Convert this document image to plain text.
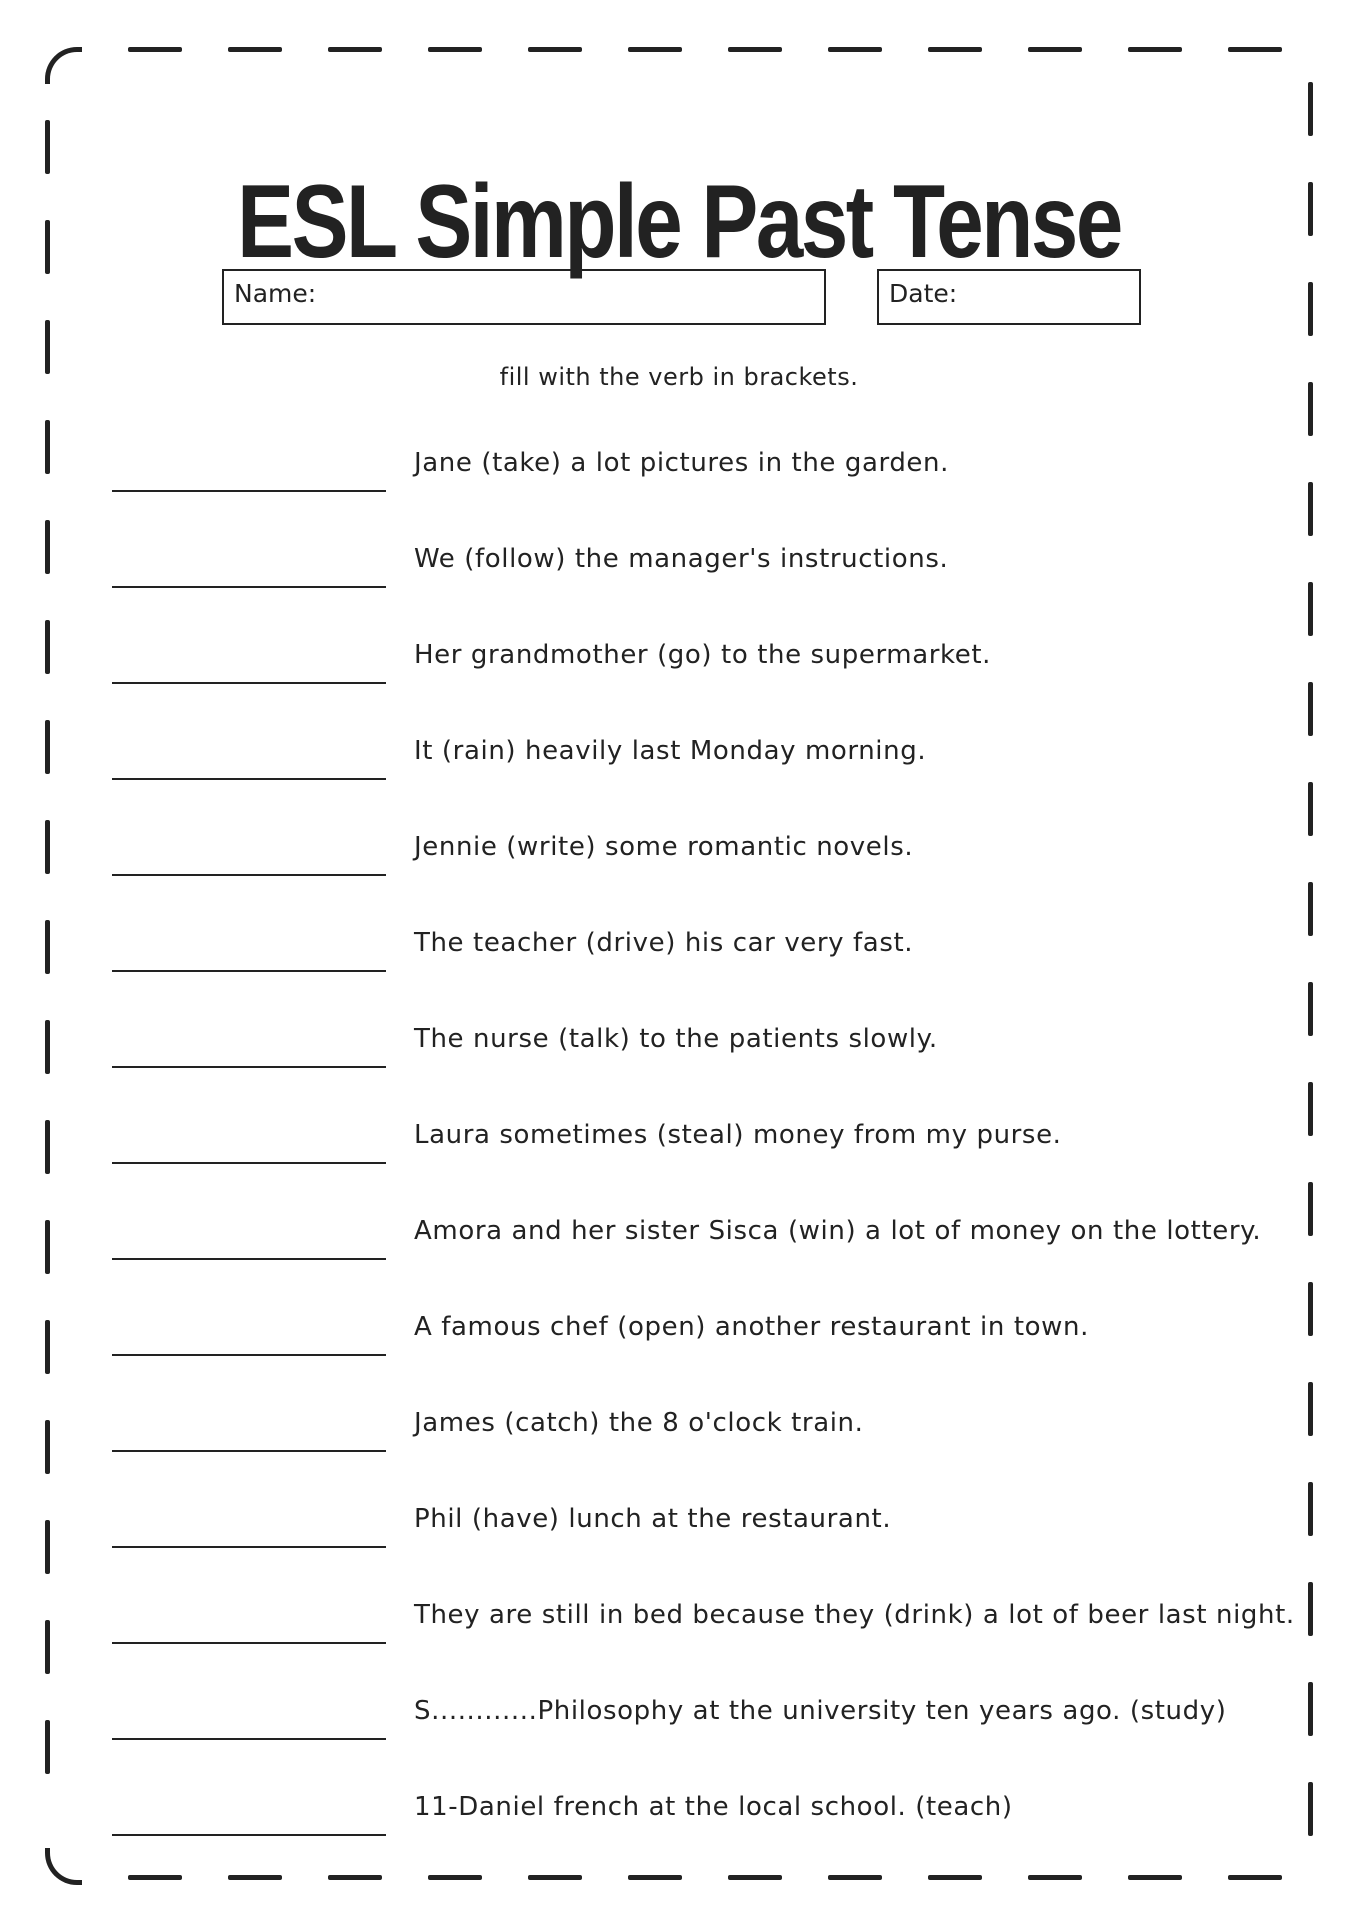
ESL Simple Past Tense
Name:	Date:
fill with the verb in brackets.
Jane (take) a lot pictures in the garden.
We (follow) the manager's instructions.
Her grandmother (go) to the supermarket.
It (rain) heavily last Monday morning.
Jennie (write) some romantic novels.
The teacher (drive) his car very fast.
The nurse (talk) to the patients slowly.
Laura sometimes (steal) money from my purse.
Amora and her sister Sisca (win) a lot of money on the lottery.
A famous chef (open) another restaurant in town.
James (catch) the 8 o'clock train.
Phil (have) lunch at the restaurant.
They are still in bed because they (drink) a lot of beer last night.
S............Philosophy at the university ten years ago. (study)
11-Daniel french at the local school. (teach)
